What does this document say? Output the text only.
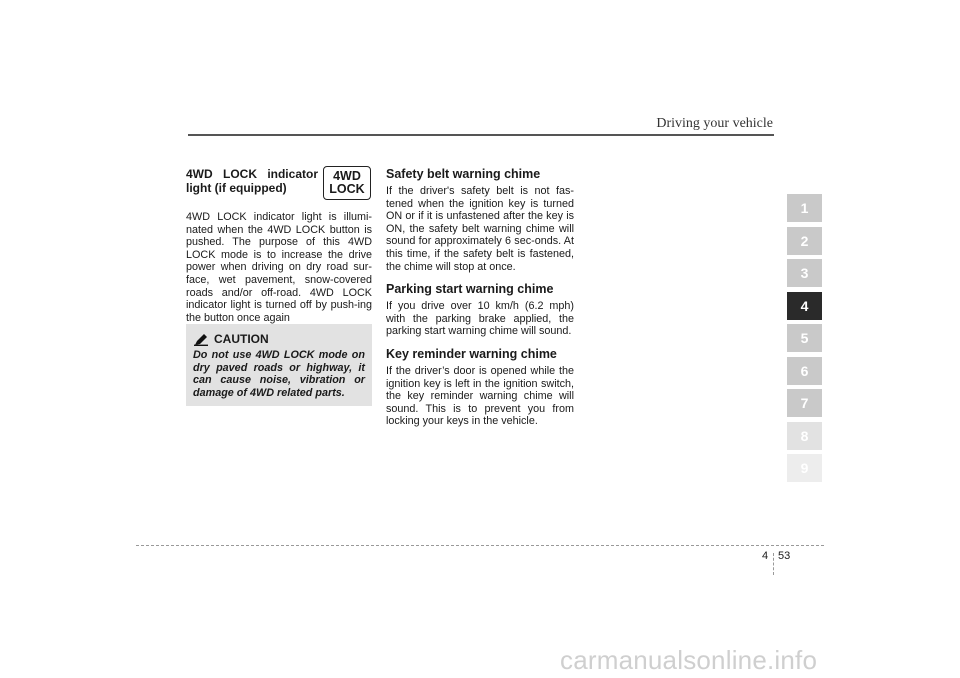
Driving your vehicle

4WD LOCK indicator light (if equipped)

4WD
LOCK

4WD LOCK indicator light is illumi-nated when the 4WD LOCK button is pushed. The purpose of this 4WD LOCK mode is to increase the drive power when driving on dry road sur-face, wet pavement, snow-covered roads and/or off-road. 4WD LOCK indicator light is turned off by push-ing the button once again

CAUTION
Do not use 4WD LOCK mode on dry paved roads or highway, it can cause noise, vibration or damage of 4WD related parts.

Safety belt warning chime

If the driver's safety belt is not fas-tened when the ignition key is turned ON or if it is unfastened after the key is ON, the safety belt warning chime will sound for approximately 6 sec-onds. At this time, if the safety belt is fastened, the chime will stop at once.

Parking start warning chime

If you drive over 10 km/h (6.2 mph) with the parking brake applied, the parking start warning chime will sound.

Key reminder warning chime

If the driver’s door is opened while the ignition key is left in the ignition switch, the key reminder warning chime will sound. This is to prevent you from locking your keys in the vehicle.

1
2
3
4
5
6
7
8
9
4 53
carmanualsonline.info
